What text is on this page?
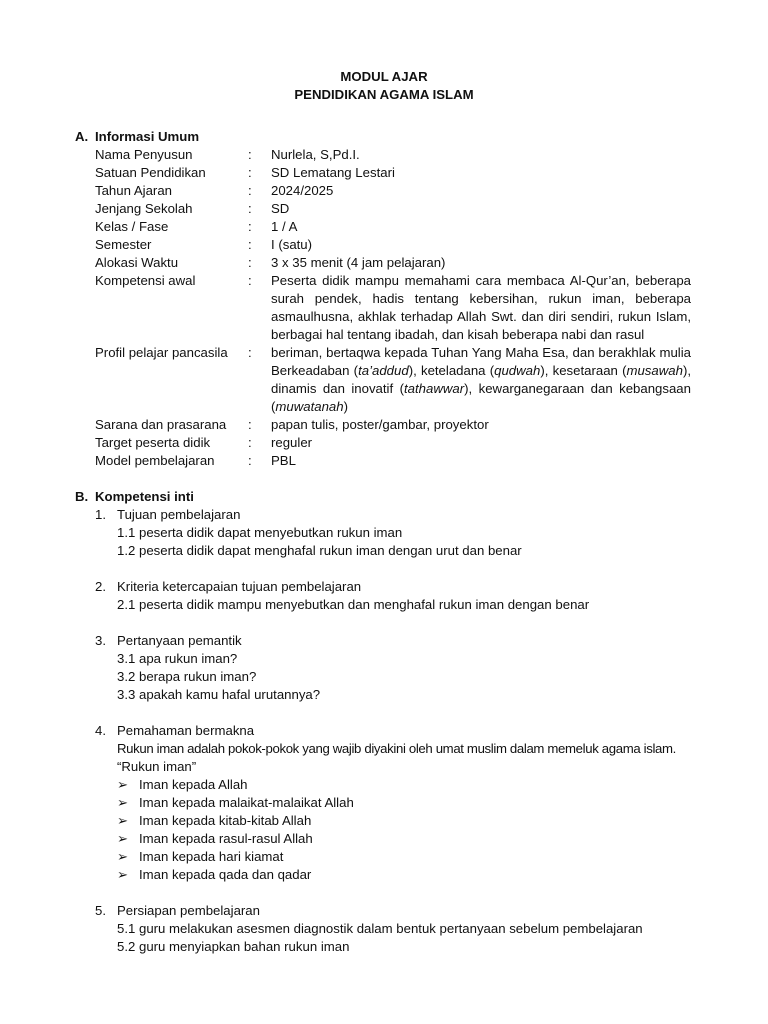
MODUL AJAR
PENDIDIKAN AGAMA ISLAM
A. Informasi Umum
Nama Penyusun	:	Nurlela, S,Pd.I.
Satuan Pendidikan	:	SD Lematang Lestari
Tahun Ajaran	:	2024/2025
Jenjang Sekolah	:	SD
Kelas / Fase	:	1 / A
Semester	:	I (satu)
Alokasi Waktu	:	3 x 35 menit (4 jam pelajaran)
Kompetensi awal	:	Peserta didik mampu memahami cara membaca Al-Qur’an, beberapa
surah pendek, hadis tentang kebersihan, rukun iman, beberapa
asmaulhusna, akhlak terhadap Allah Swt. dan diri sendiri, rukun Islam,
berbagai hal tentang ibadah, dan kisah beberapa nabi dan rasul

Profil pelajar pancasila	:	beriman, bertaqwa kepada Tuhan Yang Maha Esa, dan berakhlak mulia
Berkeadaban (ta’addud), keteladana (qudwah), kesetaraan (musawah),
dinamis dan inovatif (tathawwar), kewarganegaraan dan kebangsaan
(muwatanah)

Sarana dan prasarana	:	papan tulis, poster/gambar, proyektor
Target peserta didik	:	reguler
Model pembelajaran	:	PBL
B. Kompetensi inti
1. Tujuan pembelajaran
1.1 peserta didik dapat menyebutkan rukun iman
1.2 peserta didik dapat menghafal rukun iman dengan urut dan benar
2. Kriteria ketercapaian tujuan pembelajaran
2.1 peserta didik mampu menyebutkan dan menghafal rukun iman dengan benar
3. Pertanyaan pemantik
3.1 apa rukun iman?
3.2 berapa rukun iman?
3.3 apakah kamu hafal urutannya?
4. Pemahaman bermakna
Rukun iman adalah pokok-pokok yang wajib diyakini oleh umat muslim dalam memeluk agama islam.
“Rukun iman”
➢ Iman kepada Allah
➢ Iman kepada malaikat-malaikat Allah
➢ Iman kepada kitab-kitab Allah
➢ Iman kepada rasul-rasul Allah
➢ Iman kepada hari kiamat
➢ Iman kepada qada dan qadar
5. Persiapan pembelajaran
5.1 guru melakukan asesmen diagnostik dalam bentuk pertanyaan sebelum pembelajaran
5.2 guru menyiapkan bahan rukun iman
